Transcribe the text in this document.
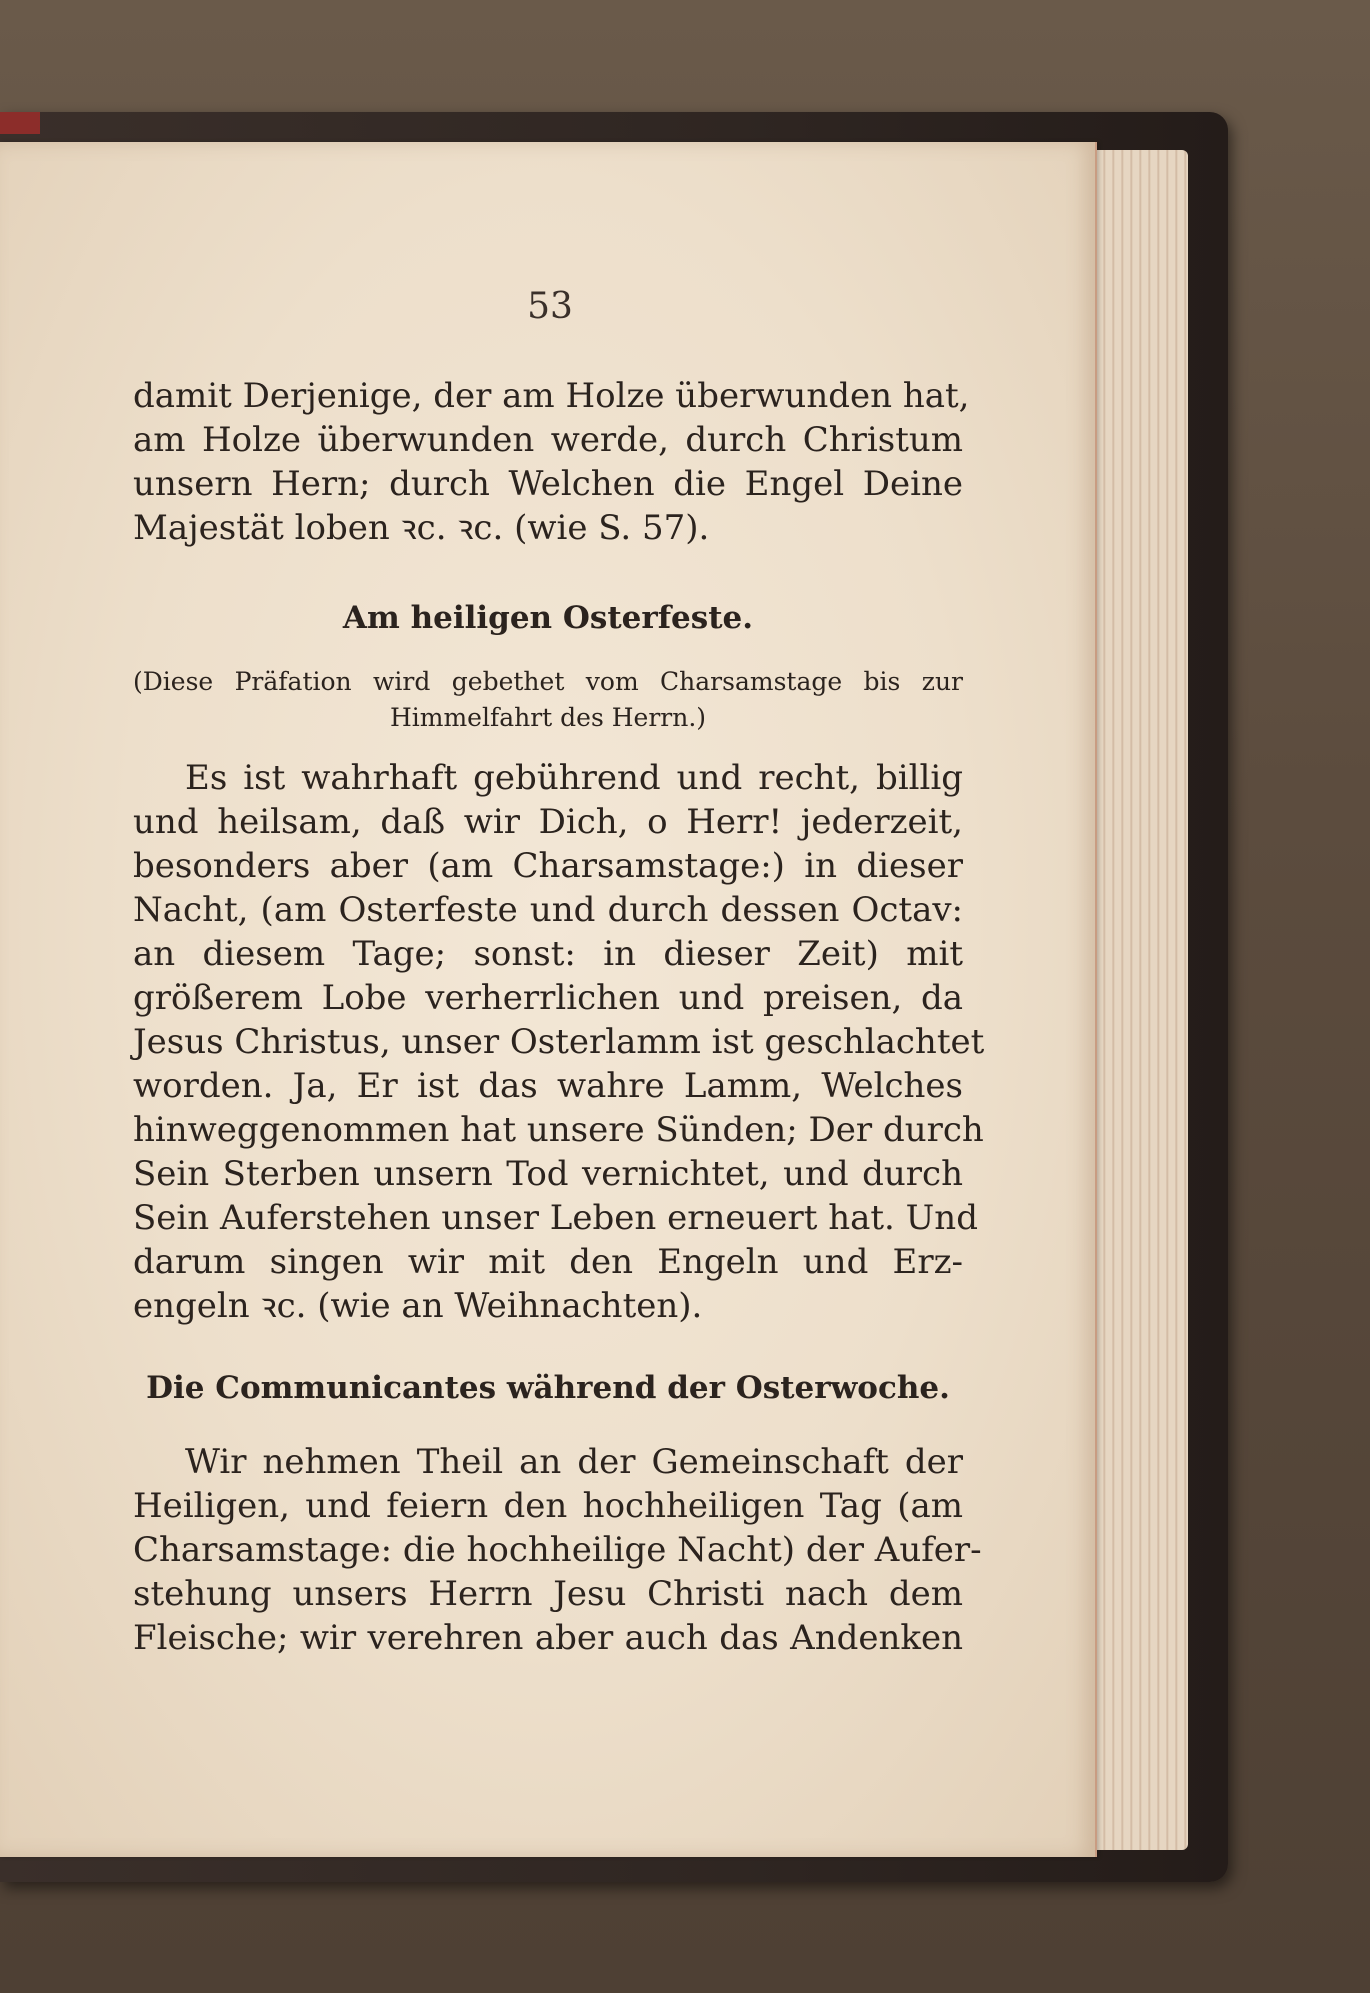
53
damit Derjenige, der am Holze überwunden hat,
am Holze überwunden werde, durch Christum
unsern Hern; durch Welchen die Engel Deine
Majestät loben ꝛc. ꝛc. (wie S. 57).
Am heiligen Osterfeste.
(Diese Präfation wird gebethet vom Charsamstage bis zur
Himmelfahrt des Herrn.)
Es ist wahrhaft gebührend und recht, billig
und heilsam, daß wir Dich, o Herr! jederzeit,
besonders aber (am Charsamstage:) in dieser
Nacht, (am Osterfeste und durch dessen Octav:
an diesem Tage; sonst: in dieser Zeit) mit
größerem Lobe verherrlichen und preisen, da
Jesus Christus, unser Osterlamm ist geschlachtet
worden. Ja, Er ist das wahre Lamm, Welches
hinweggenommen hat unsere Sünden; Der durch
Sein Sterben unsern Tod vernichtet, und durch
Sein Auferstehen unser Leben erneuert hat. Und
darum singen wir mit den Engeln und Erz-
engeln ꝛc. (wie an Weihnachten).
Die Communicantes während der Osterwoche.
Wir nehmen Theil an der Gemeinschaft der
Heiligen, und feiern den hochheiligen Tag (am
Charsamstage: die hochheilige Nacht) der Aufer-
stehung unsers Herrn Jesu Christi nach dem
Fleische; wir verehren aber auch das Andenken
